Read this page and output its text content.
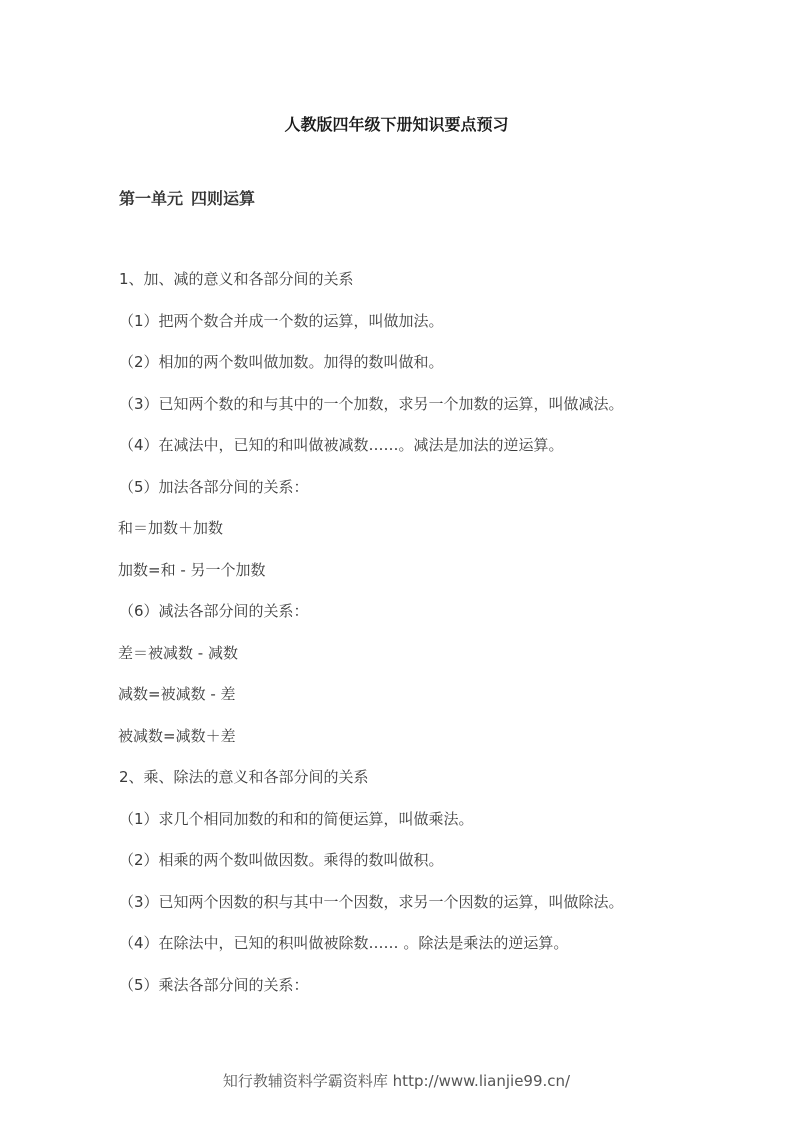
人教版四年级下册知识要点预习
第一单元 四则运算
1、加、减的意义和各部分间的关系
（1）把两个数合并成一个数的运算，叫做加法。
（2）相加的两个数叫做加数。加得的数叫做和。
（3）已知两个数的和与其中的一个加数，求另一个加数的运算，叫做减法。
（4）在减法中，已知的和叫做被减数……。减法是加法的逆运算。
（5）加法各部分间的关系：
和＝加数＋加数
加数=和 - 另一个加数
（6）减法各部分间的关系：
差＝被减数 - 减数
减数=被减数 - 差
被减数=减数＋差
2、乘、除法的意义和各部分间的关系
（1）求几个相同加数的和和的简便运算，叫做乘法。
（2）相乘的两个数叫做因数。乘得的数叫做积。
（3）已知两个因数的积与其中一个因数，求另一个因数的运算，叫做除法。
（4）在除法中，已知的积叫做被除数…… 。除法是乘法的逆运算。
（5）乘法各部分间的关系：
知行教辅资料学霸资料库 http://www.lianjie99.cn/
